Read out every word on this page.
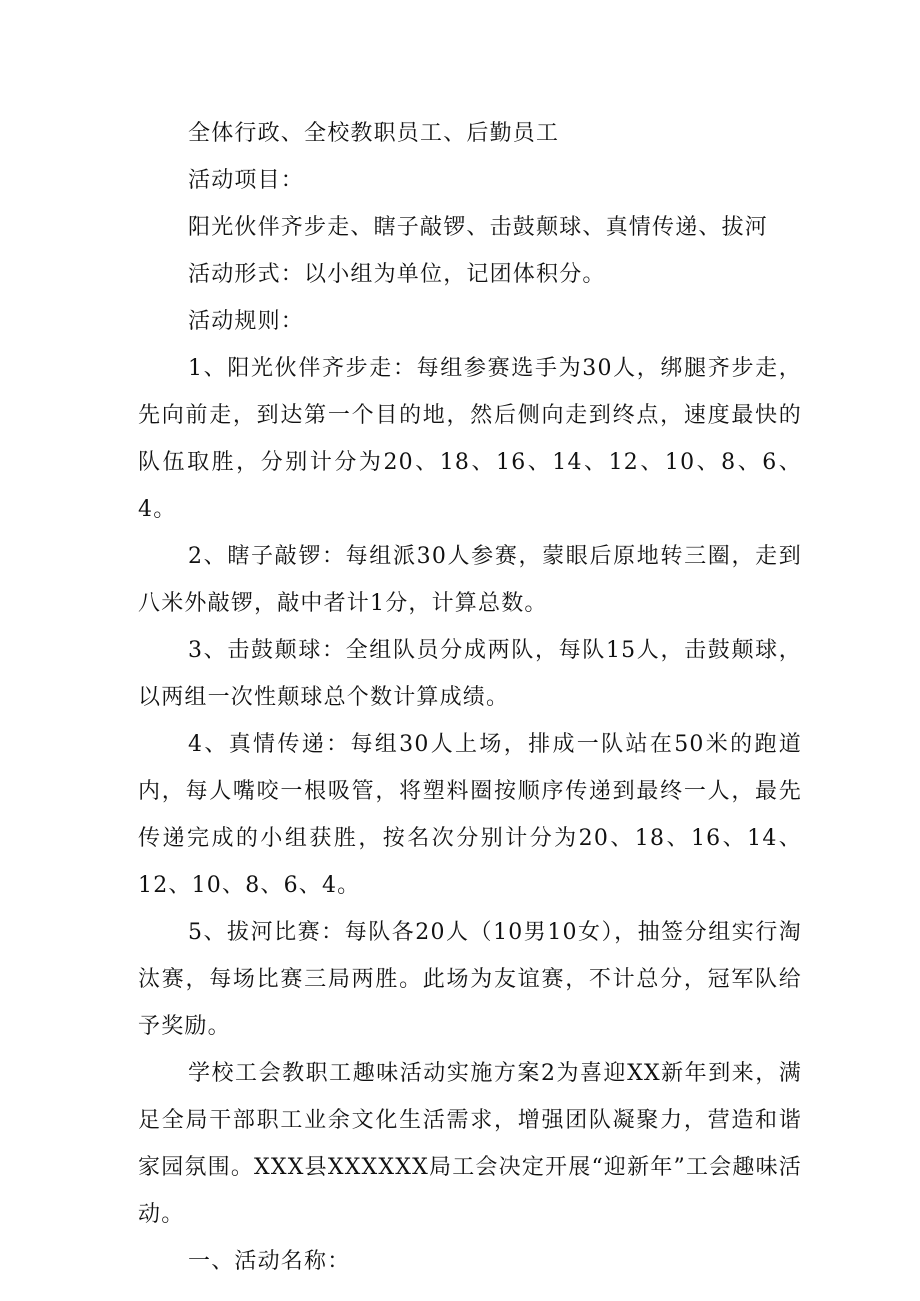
全体行政、全校教职员工、后勤员工

活动项目：

阳光伙伴齐步走、瞎子敲锣、击鼓颠球、真情传递、拔河

活动形式：以小组为单位，记团体积分。

活动规则：

1、阳光伙伴齐步走：每组参赛选手为30人，绑腿齐步走，先向前走，到达第一个目的地，然后侧向走到终点，速度最快的队伍取胜，分别计分为20、18、16、14、12、10、8、6、4。

2、瞎子敲锣：每组派30人参赛，蒙眼后原地转三圈，走到八米外敲锣，敲中者计1分，计算总数。

3、击鼓颠球：全组队员分成两队，每队15人，击鼓颠球，以两组一次性颠球总个数计算成绩。

4、真情传递：每组30人上场，排成一队站在50米的跑道内，每人嘴咬一根吸管，将塑料圈按顺序传递到最终一人，最先传递完成的小组获胜，按名次分别计分为20、18、16、14、12、10、8、6、4。

5、拔河比赛：每队各20人（10男10女），抽签分组实行淘汰赛，每场比赛三局两胜。此场为友谊赛，不计总分，冠军队给予奖励。

学校工会教职工趣味活动实施方案2为喜迎XX新年到来，满足全局干部职工业余文化生活需求，增强团队凝聚力，营造和谐家园氛围。XXX县XXXXXX局工会决定开展“迎新年”工会趣味活动。

一、活动名称：
